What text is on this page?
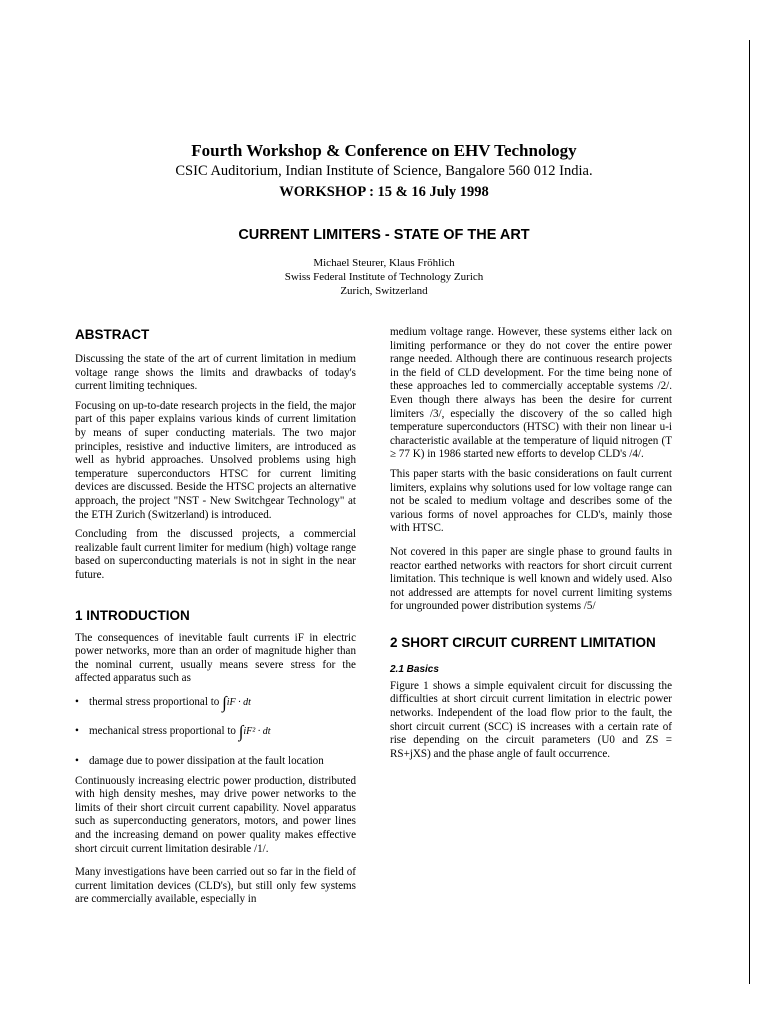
Fourth Workshop & Conference on EHV Technology
CSIC Auditorium, Indian Institute of Science, Bangalore 560 012 India.
WORKSHOP : 15 & 16 July 1998
CURRENT LIMITERS - STATE OF THE ART
Michael Steurer, Klaus Fröhlich
Swiss Federal Institute of Technology Zurich
Zurich, Switzerland
ABSTRACT

Discussing the state of the art of current limitation in medium voltage range shows the limits and drawbacks of today's current limiting techniques.

Focusing on up-to-date research projects in the field, the major part of this paper explains various kinds of current limitation by means of super conducting materials. The two major principles, resistive and inductive limiters, are introduced as well as hybrid approaches. Unsolved problems using high temperature superconductors HTSC for current limiting devices are discussed. Beside the HTSC projects an alternative approach, the project "NST - New Switchgear Technology" at the ETH Zurich (Switzerland) is introduced.

Concluding from the discussed projects, a commercial realizable fault current limiter for medium (high) voltage range based on superconducting materials is not in sight in the near future.

1 INTRODUCTION

The consequences of inevitable fault currents iF in electric power networks, more than an order of magnitude higher than the nominal current, usually means severe stress for the affected apparatus such as

• thermal stress proportional to ∫iF · dt
• mechanical stress proportional to ∫iF² · dt
• damage due to power dissipation at the fault location

Continuously increasing electric power production, distributed with high density meshes, may drive power networks to the limits of their short circuit current capability. Novel apparatus such as superconducting generators, motors, and power lines and the increasing demand on power quality makes effective short circuit current limitation desirable /1/.

Many investigations have been carried out so far in the field of current limitation devices (CLD's), but still only few systems are commercially available, especially in

medium voltage range. However, these systems either lack on limiting performance or they do not cover the entire power range needed. Although there are continuous research projects in the field of CLD development. For the time being none of these approaches led to commercially acceptable systems /2/. Even though there always has been the desire for current limiters /3/, especially the discovery of the so called high temperature superconductors (HTSC) with their non linear u-i characteristic available at the temperature of liquid nitrogen (T ≥ 77 K) in 1986 started new efforts to develop CLD's /4/.

This paper starts with the basic considerations on fault current limiters, explains why solutions used for low voltage range can not be scaled to medium voltage and describes some of the various forms of novel approaches for CLD's, mainly those with HTSC.

Not covered in this paper are single phase to ground faults in reactor earthed networks with reactors for short circuit current limitation. This technique is well known and widely used. Also not addressed are attempts for novel current limiting systems for ungrounded power distribution systems /5/

2 SHORT CIRCUIT CURRENT LIMITATION
2.1 Basics

Figure 1 shows a simple equivalent circuit for discussing the difficulties at short circuit current limitation in electric power networks. Independent of the load flow prior to the fault, the short circuit current (SCC) iS increases with a certain rate of rise depending on the circuit parameters (U0 and ZS = RS+jXS) and the phase angle of fault occurrence.
